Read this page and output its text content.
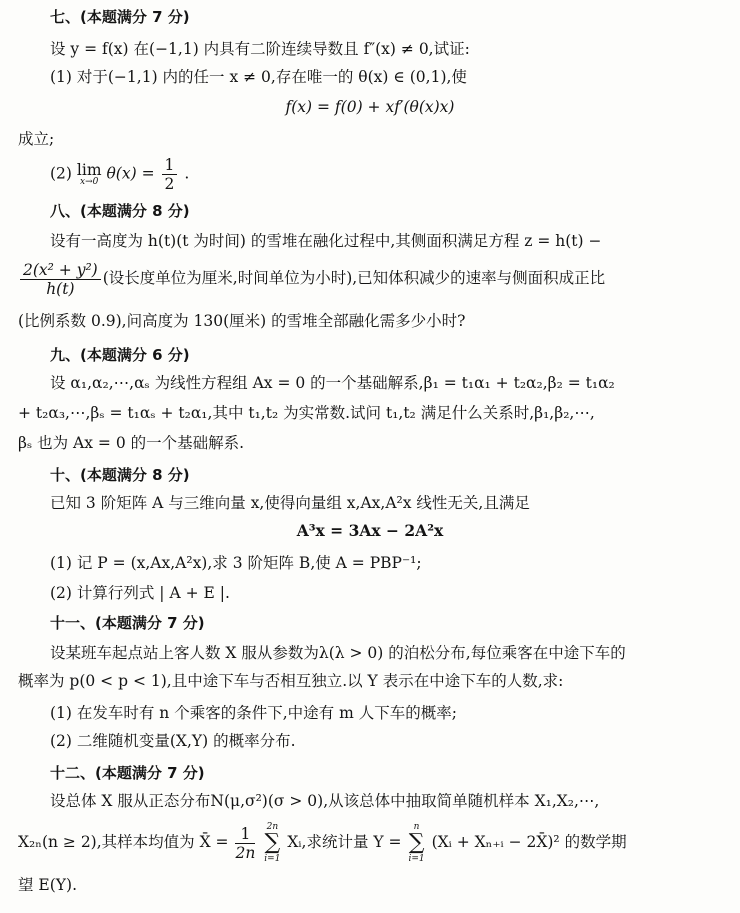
七、(本题满分 7 分)
设 y = f(x) 在(−1,1) 内具有二阶连续导数且 f″(x) ≠ 0,试证:
(1) 对于(−1,1) 内的任一 x ≠ 0,存在唯一的 θ(x) ∈ (0,1),使
f(x) = f(0) + xf′(θ(x)x)
成立;
(2) lim
x→0 $\theta(x) = \frac{1}{2}$ .
八、(本题满分 8 分)
设有一高度为 h(t)(t 为时间) 的雪堆在融化过程中,其侧面积满足方程 z = h(t) −
$\frac{\text{2(x² + y²)}}{h(t)}$ (设长度单位为厘米,时间单位为小时),已知体积减少的速率与侧面积成正比
(比例系数 0.9),问高度为 130(厘米) 的雪堆全部融化需多少小时?
九、(本题满分 6 分)
设 α₁,α₂,⋯,αₛ 为线性方程组 Ax = 0 的一个基础解系,β₁ = t₁α₁ + t₂α₂,β₂ = t₁α₂
+ t₂α₃,⋯,βₛ = t₁αₛ + t₂α₁,其中 t₁,t₂ 为实常数.试问 t₁,t₂ 满足什么关系时,β₁,β₂,⋯,
βₛ 也为 Ax = 0 的一个基础解系.
十、(本题满分 8 分)
已知 3 阶矩阵 A 与三维向量 x,使得向量组 x,Ax,A²x 线性无关,且满足
A³x = 3Ax − 2A²x
(1) 记 P = (x,Ax,A²x),求 3 阶矩阵 B,使 A = PBP⁻¹;
(2) 计算行列式 | A + E |.
十一、(本题满分 7 分)
设某班车起点站上客人数 X 服从参数为λ(λ > 0) 的泊松分布,每位乘客在中途下车的
概率为 p(0 < p < 1),且中途下车与否相互独立.以 Y 表示在中途下车的人数,求:
(1) 在发车时有 n 个乘客的条件下,中途有 m 人下车的概率;
(2) 二维随机变量(X,Y) 的概率分布.
十二、(本题满分 7 分)
设总体 X 服从正态分布N(μ,σ²)(σ > 0),从该总体中抽取简单随机样本 X₁,X₂,⋯,
X₂ₙ(n ≥ 2),其样本均值为 X̄ = $\frac{1}{2n}$
2n
∑
i=1
Xᵢ,求统计量 Y =
n
∑
i=1
(Xᵢ + Xₙ₊ᵢ − 2X̄)² 的数学期
望 E(Y).
